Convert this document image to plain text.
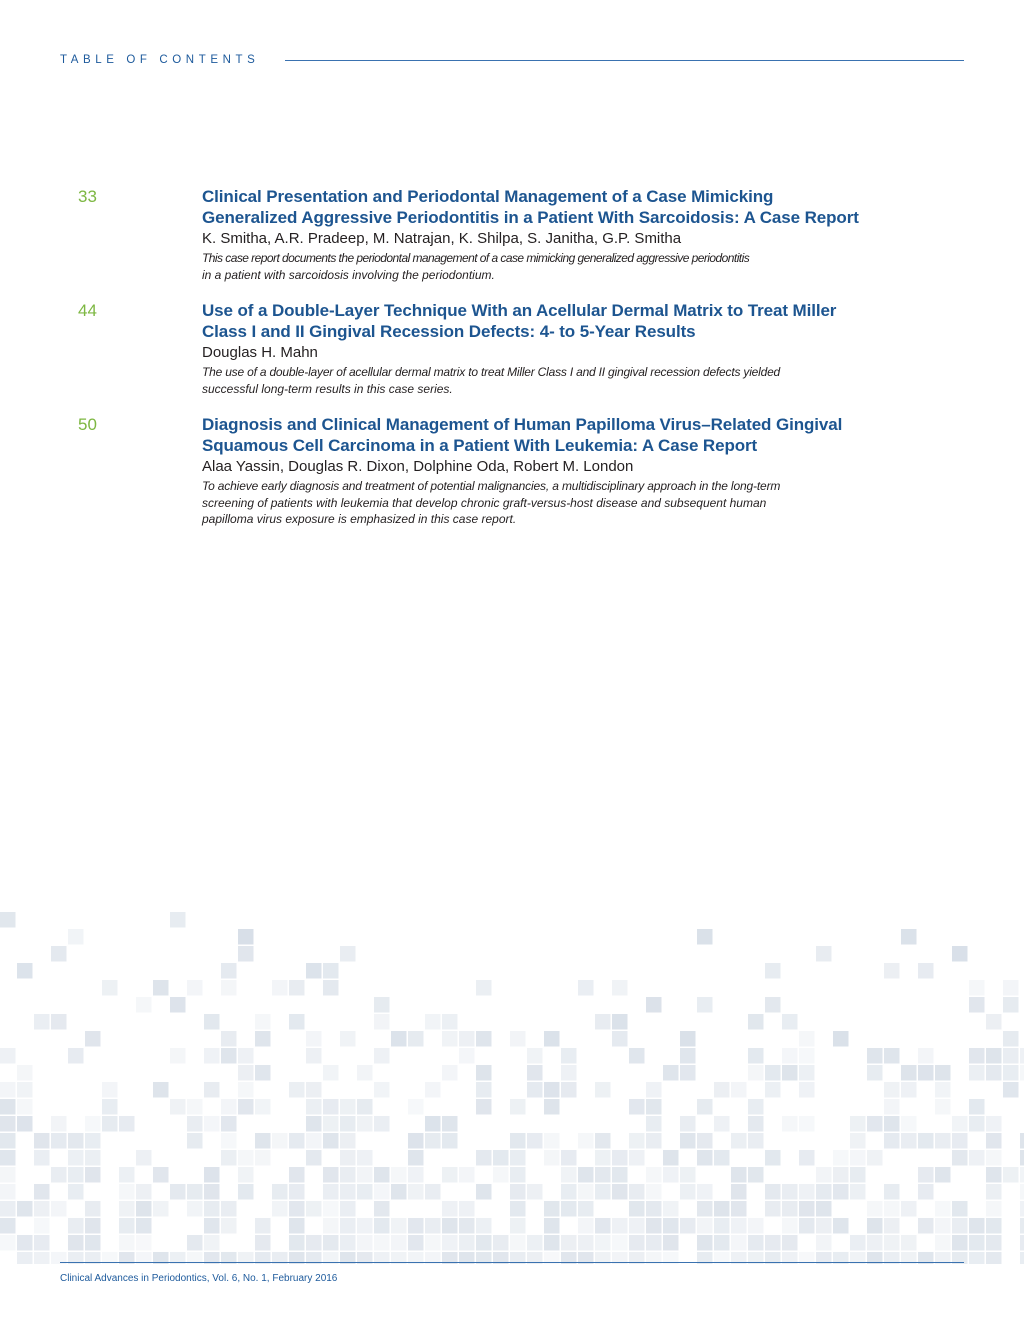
TABLE OF CONTENTS
33	Clinical Presentation and Periodontal Management of a Case Mimicking
Generalized Aggressive Periodontitis in a Patient With Sarcoidosis: A Case Report
K. Smitha, A.R. Pradeep, M. Natrajan, K. Shilpa, S. Janitha, G.P. Smitha
This case report documents the periodontal management of a case mimicking generalized aggressive periodontitis
in a patient with sarcoidosis involving the periodontium.
44	Use of a Double-Layer Technique With an Acellular Dermal Matrix to Treat Miller
Class I and II Gingival Recession Defects: 4- to 5-Year Results
Douglas H. Mahn
The use of a double-layer of acellular dermal matrix to treat Miller Class I and II gingival recession defects yielded
successful long-term results in this case series.
50	Diagnosis and Clinical Management of Human Papilloma Virus–Related Gingival
Squamous Cell Carcinoma in a Patient With Leukemia: A Case Report
Alaa Yassin, Douglas R. Dixon, Dolphine Oda, Robert M. London
To achieve early diagnosis and treatment of potential malignancies, a multidisciplinary approach in the long-term
screening of patients with leukemia that develop chronic graft-versus-host disease and subsequent human
papilloma virus exposure is emphasized in this case report.
Clinical Advances in Periodontics, Vol. 6, No. 1, February 2016
